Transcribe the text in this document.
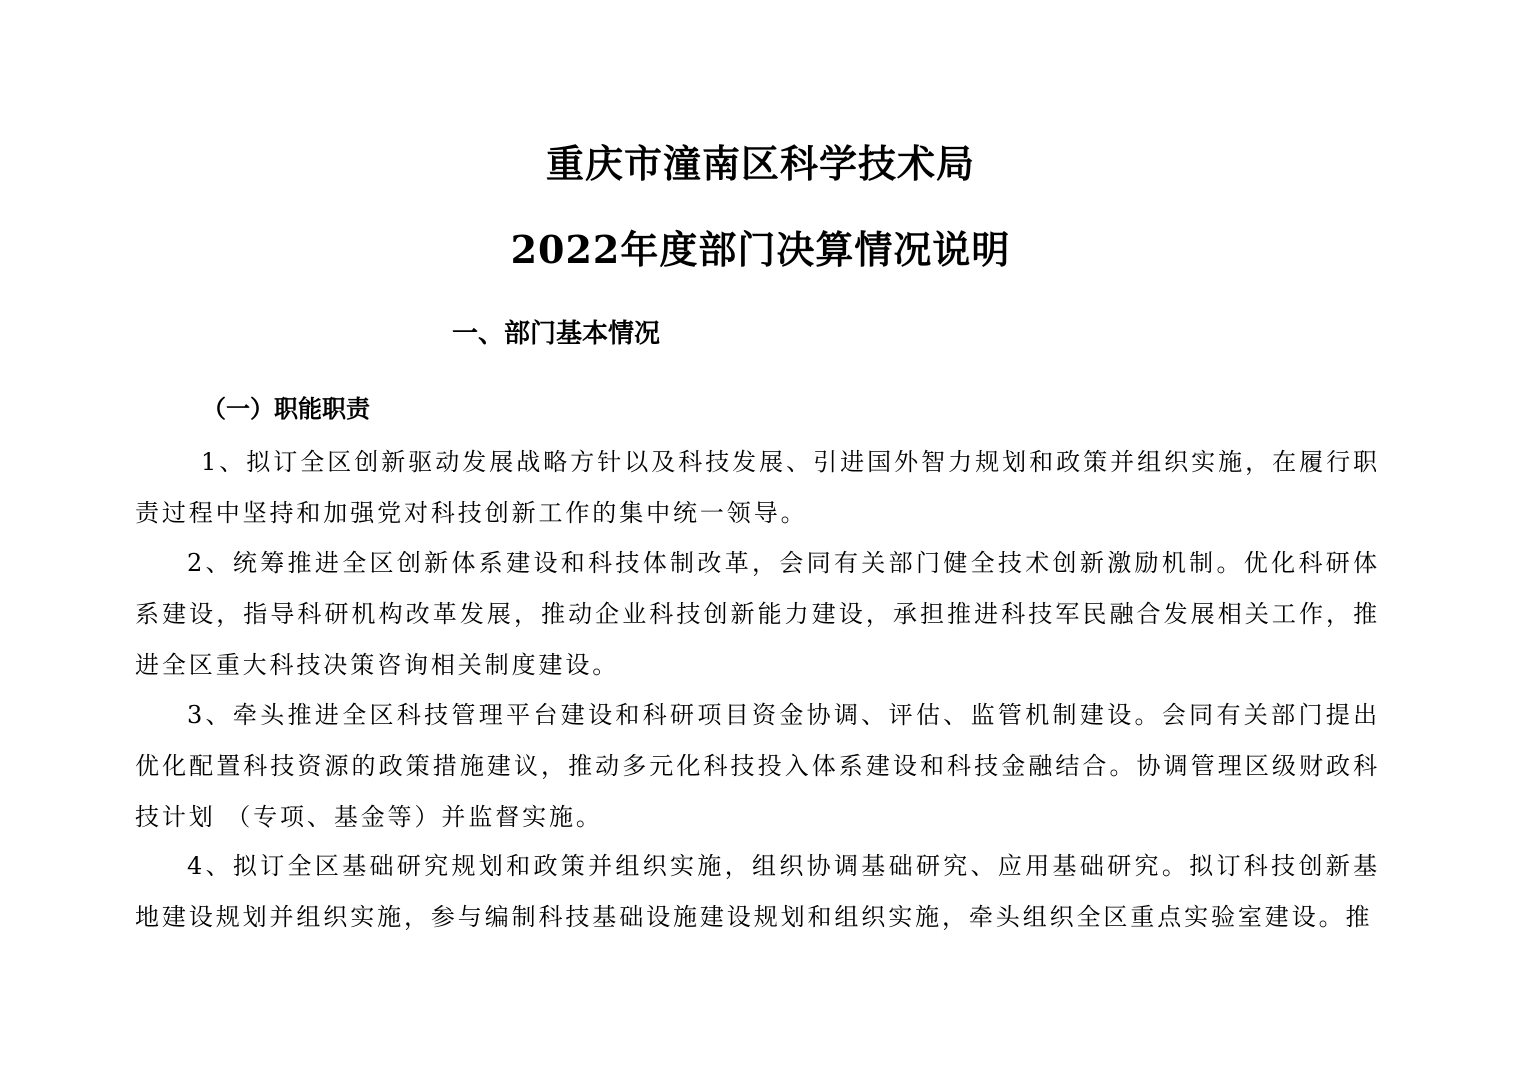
重庆市潼南区科学技术局
2022年度部门决算情况说明
一、部门基本情况
（一）职能职责
1、拟订全区创新驱动发展战略方针以及科技发展、引进国外智力规划和政策并组织实施，在履行职责过程中坚持和加强党对科技创新工作的集中统一领导。
2、统筹推进全区创新体系建设和科技体制改革，会同有关部门健全技术创新激励机制。优化科研体系建设，指导科研机构改革发展，推动企业科技创新能力建设，承担推进科技军民融合发展相关工作，推进全区重大科技决策咨询相关制度建设。
3、牵头推进全区科技管理平台建设和科研项目资金协调、评估、监管机制建设。会同有关部门提出优化配置科技资源的政策措施建议，推动多元化科技投入体系建设和科技金融结合。协调管理区级财政科技计划 （专项、基金等）并监督实施。
4、拟订全区基础研究规划和政策并组织实施，组织协调基础研究、应用基础研究。拟订科技创新基地建设规划并组织实施，参与编制科技基础设施建设规划和组织实施，牵头组织全区重点实验室建设。推
